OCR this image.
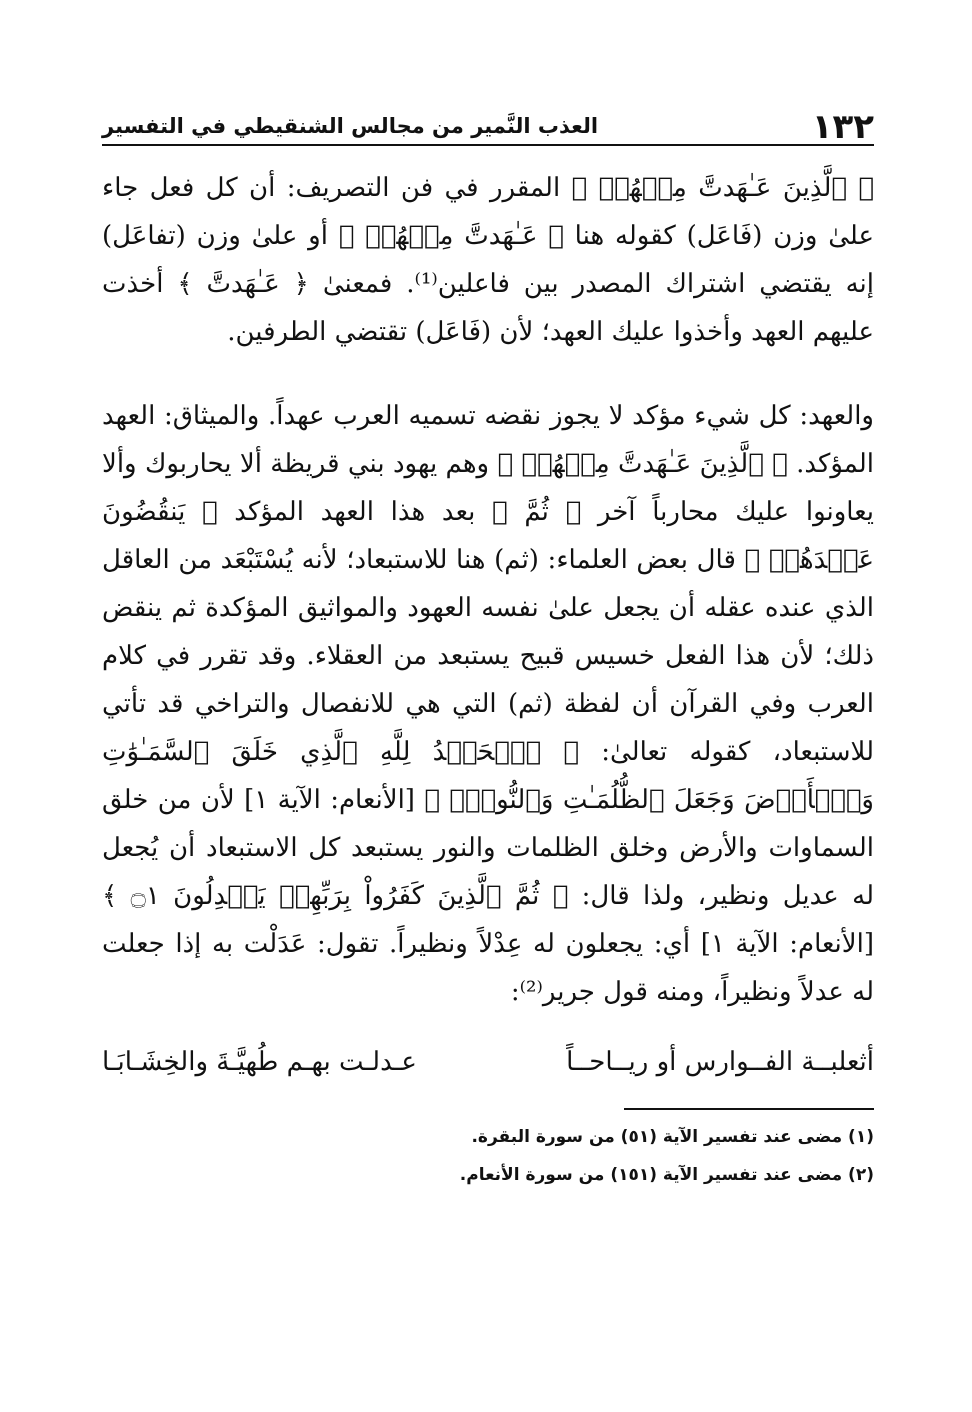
١٣٢
العذب النَّمير من مجالس الشنقيطي في التفسير

﴿ ٱلَّذِينَ عَـٰهَدتَّ مِنۡهُمۡ ﴾ المقرر في فن التصريف: أن كل فعل جاء علىٰ وزن (فَاعَل) كقوله هنا ﴿ عَـٰهَدتَّ مِنۡهُمۡ ﴾ أو علىٰ وزن (تفاعَل) إنه يقتضي اشتراك المصدر بين فاعلين⁽¹⁾. فمعنىٰ ﴿ عَـٰهَدتَّ ﴾ أخذت عليهم العهد وأخذوا عليك العهد؛ لأن (فَاعَل) تقتضي الطرفين.

والعهد: كل شيء مؤكد لا يجوز نقضه تسميه العرب عهداً. والميثاق: العهد المؤكد. ﴿ ٱلَّذِينَ عَـٰهَدتَّ مِنۡهُمۡ ﴾ وهم يهود بني قريظة ألا يحاربوك وألا يعاونوا عليك محارباً آخر ﴿ ثُمَّ ﴾ بعد هذا العهد المؤكد ﴿ يَنقُضُونَ عَهۡدَهُمۡ ﴾ قال بعض العلماء: (ثم) هنا للاستبعاد؛ لأنه يُسْتَبْعَد من العاقل الذي عنده عقله أن يجعل علىٰ نفسه العهود والمواثيق المؤكدة ثم ينقض ذلك؛ لأن هذا الفعل خسيس قبيح يستبعد من العقلاء. وقد تقرر في كلام العرب وفي القرآن أن لفظة (ثم) التي هي للانفصال والتراخي قد تأتي للاستبعاد، كقوله تعالىٰ: ﴿ ٱلۡحَمۡدُ لِلَّهِ ٱلَّذِي خَلَقَ ٱلسَّمَـٰوَٰتِ وَٱلۡأَرۡضَ وَجَعَلَ ٱلظُّلُمَـٰتِ وَٱلنُّورَۖ ﴾ [الأنعام: الآية ١] لأن من خلق السماوات والأرض وخلق الظلمات والنور يستبعد كل الاستبعاد أن يُجعل له عديل ونظير، ولذا قال: ﴿ ثُمَّ ٱلَّذِينَ كَفَرُواْ بِرَبِّهِمۡ يَعۡدِلُونَ ۝١ ﴾ [الأنعام: الآية ١] أي: يجعلون له عِدْلاً ونظيراً. تقول: عَدَلْت به إذا جعلت له عدلاً ونظيراً، ومنه قول جرير⁽²⁾:

أثعلبــة الفــوارس أو ريــاحــاً
عـدلـت بهـم طُهيَّـةَ والخِشَـابَـا

(١) مضى عند تفسير الآية (٥١) من سورة البقرة.

(٢) مضى عند تفسير الآية (١٥١) من سورة الأنعام.
